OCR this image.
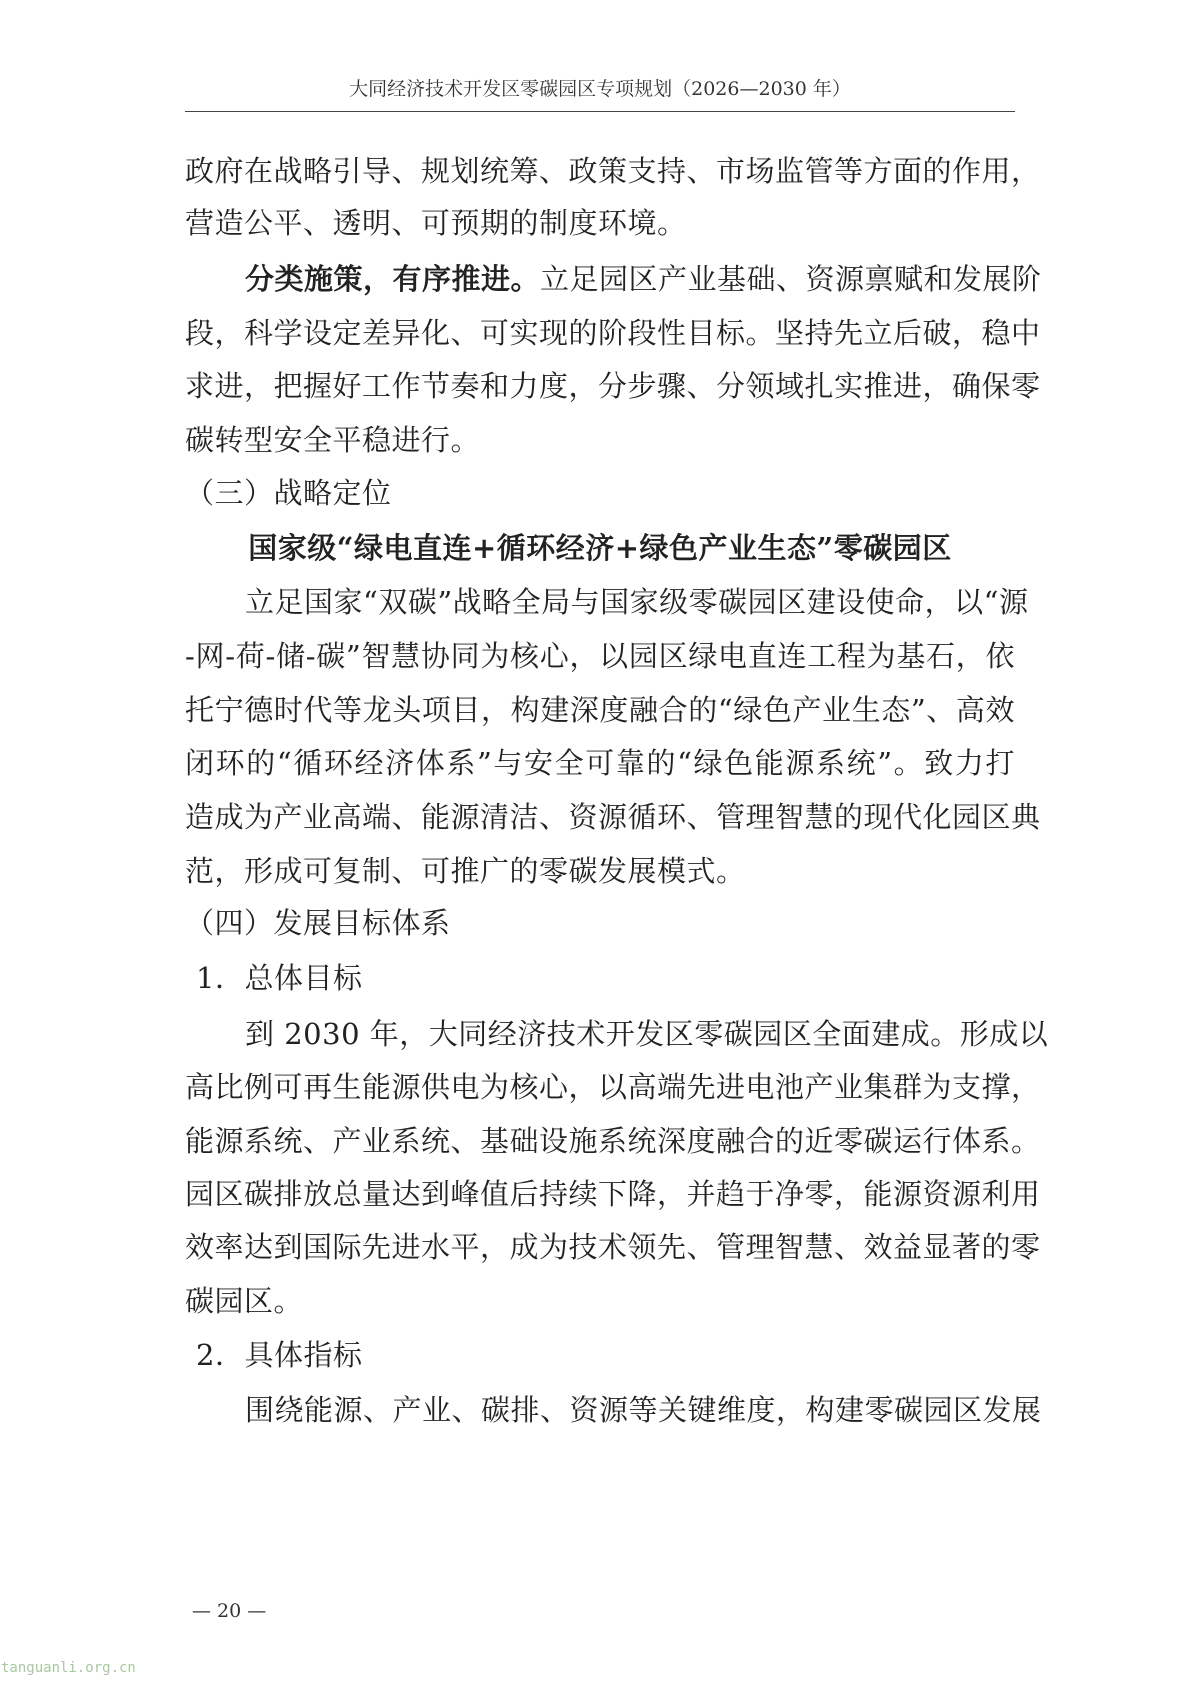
大同经济技术开发区零碳园区专项规划（2026—2030 年）
政府在战略引导、规划统筹、政策支持、市场监管等方面的作用，
营造公平、透明、可预期的制度环境。
分类施策，有序推进。立足园区产业基础、资源禀赋和发展阶
段，科学设定差异化、可实现的阶段性目标。坚持先立后破，稳中
求进，把握好工作节奏和力度，分步骤、分领域扎实推进，确保零
碳转型安全平稳进行。
（三）战略定位
国家级“绿电直连+循环经济+绿色产业生态”零碳园区
立足国家“双碳”战略全局与国家级零碳园区建设使命，以“源
-网-荷-储-碳”智慧协同为核心，以园区绿电直连工程为基石，依
托宁德时代等龙头项目，构建深度融合的“绿色产业生态”、高效
闭环的“循环经济体系”与安全可靠的“绿色能源系统”。致力打
造成为产业高端、能源清洁、资源循环、管理智慧的现代化园区典
范，形成可复制、可推广的零碳发展模式。
（四）发展目标体系
1．总体目标
到 2030 年，大同经济技术开发区零碳园区全面建成。形成以
高比例可再生能源供电为核心，以高端先进电池产业集群为支撑，
能源系统、产业系统、基础设施系统深度融合的近零碳运行体系。
园区碳排放总量达到峰值后持续下降，并趋于净零，能源资源利用
效率达到国际先进水平，成为技术领先、管理智慧、效益显著的零
碳园区。
2．具体指标
围绕能源、产业、碳排、资源等关键维度，构建零碳园区发展
— 20 —
tanguanli.org.cn
